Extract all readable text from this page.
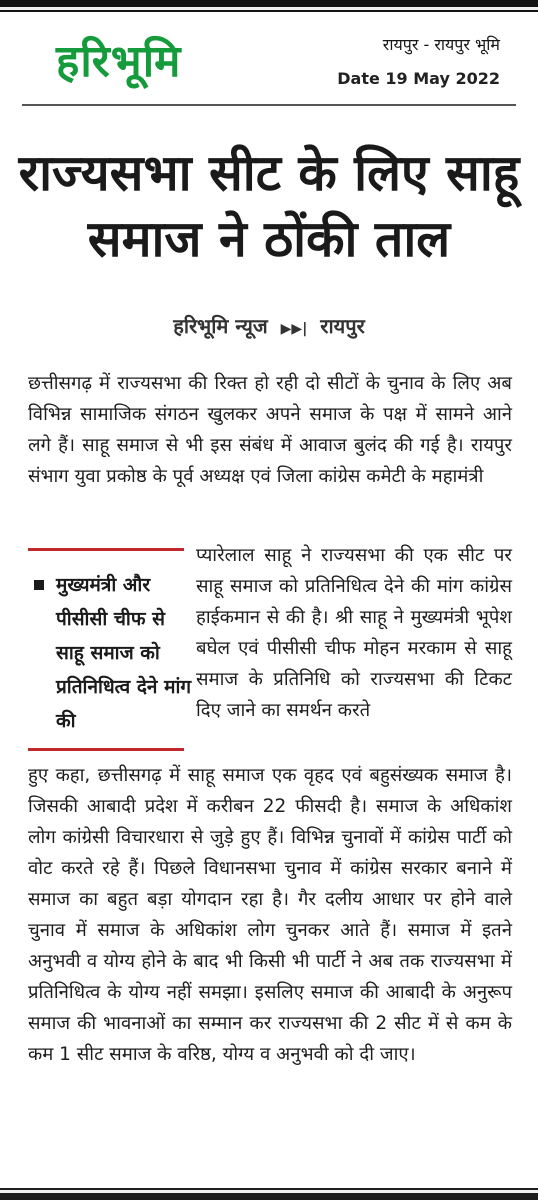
हरिभूमि	रायपुर - रायपुर भूमि
Date 19 May 2022
राज्यसभा सीट के लिए साहू समाज ने ठोंकी ताल
हरिभूमि न्यूज ▶▶| रायपुर

छत्तीसगढ़ में राज्यसभा की रिक्त हो रही दो सीटों के चुनाव के लिए अब विभिन्न सामाजिक संगठन खुलकर अपने समाज के पक्ष में सामने आने लगे हैं। साहू समाज से भी इस संबंध में आवाज बुलंद की गई है। रायपुर संभाग युवा प्रकोष्ठ के पूर्व अध्यक्ष एवं जिला कांग्रेस कमेटी के महामंत्री

मुख्यमंत्री और पीसीसी चीफ से साहू समाज को प्रतिनिधित्व देने मांग की

प्यारेलाल साहू ने राज्यसभा की एक सीट पर साहू समाज को प्रतिनिधित्व देने की मांग कांग्रेस हाईकमान से की है। श्री साहू ने मुख्यमंत्री भूपेश बघेल एवं पीसीसी चीफ मोहन मरकाम से साहू समाज के प्रतिनिधि को राज्यसभा की टिकट दिए जाने का समर्थन करते

हुए कहा, छत्तीसगढ़ में साहू समाज एक वृहद एवं बहुसंख्यक समाज है। जिसकी आबादी प्रदेश में करीबन 22 फीसदी है। समाज के अधिकांश लोग कांग्रेसी विचारधारा से जुड़े हुए हैं। विभिन्न चुनावों में कांग्रेस पार्टी को वोट करते रहे हैं। पिछले विधानसभा चुनाव में कांग्रेस सरकार बनाने में समाज का बहुत बड़ा योगदान रहा है। गैर दलीय आधार पर होने वाले चुनाव में समाज के अधिकांश लोग चुनकर आते हैं। समाज में इतने अनुभवी व योग्य होने के बाद भी किसी भी पार्टी ने अब तक राज्यसभा में प्रतिनिधित्व के योग्य नहीं समझा। इसलिए समाज की आबादी के अनुरूप समाज की भावनाओं का सम्मान कर राज्यसभा की 2 सीट में से कम के कम 1 सीट समाज के वरिष्ठ, योग्य व अनुभवी को दी जाए।
